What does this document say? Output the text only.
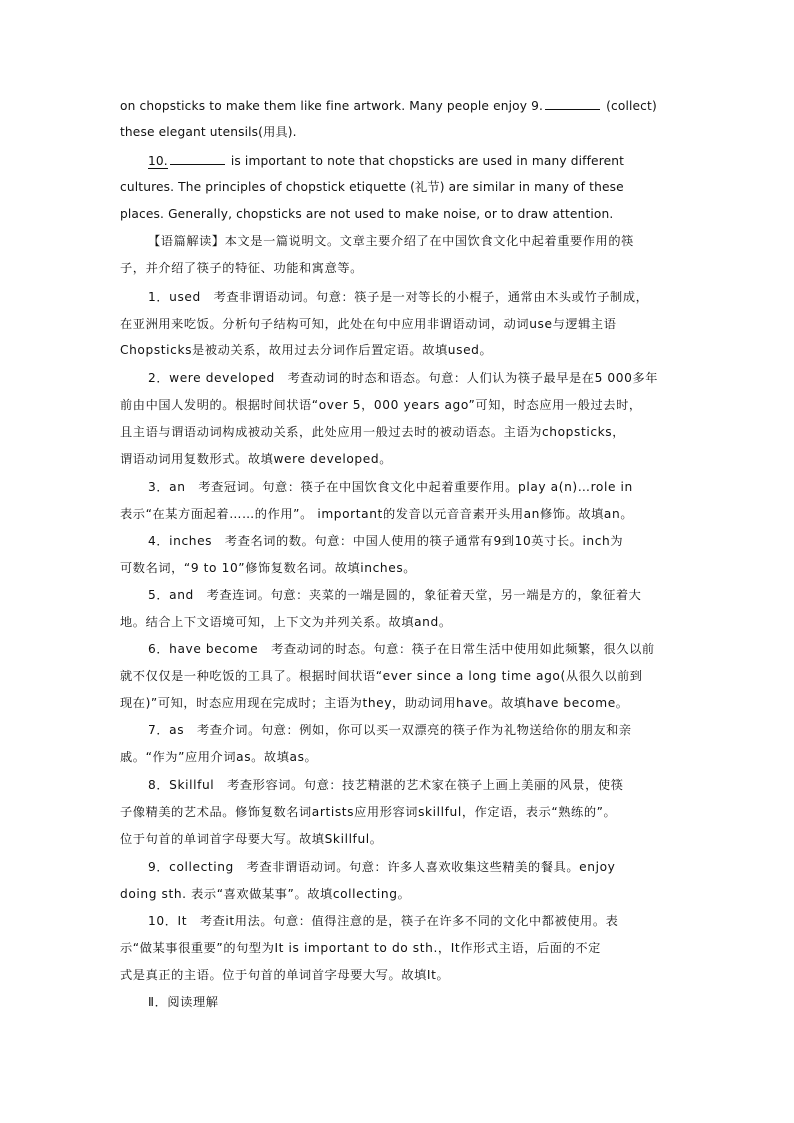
on chopsticks to make them like fine artwork. Many people enjoy 9.	(collect)
these elegant utensils(用具).
10.	is important to note that chopsticks are used in many different
cultures. The principles of chopstick etiquette (礼节) are similar in many of these
places. Generally, chopsticks are not used to make noise, or to draw attention.
【语篇解读】本文是一篇说明文。文章主要介绍了在中国饮食文化中起着重要作用的筷
子，并介绍了筷子的特征、功能和寓意等。
1．used　考查非谓语动词。句意：筷子是一对等长的小棍子，通常由木头或竹子制成，
在亚洲用来吃饭。分析句子结构可知，此处在句中应用非谓语动词，动词use与逻辑主语
Chopsticks是被动关系，故用过去分词作后置定语。故填used。
2．were developed　考查动词的时态和语态。句意：人们认为筷子最早是在5 000多年
前由中国人发明的。根据时间状语“over 5，000 years ago”可知，时态应用一般过去时，
且主语与谓语动词构成被动关系，此处应用一般过去时的被动语态。主语为chopsticks，
谓语动词用复数形式。故填were developed。
3．an　考查冠词。句意：筷子在中国饮食文化中起着重要作用。play a(n)…role in
表示“在某方面起着……的作用”。 important的发音以元音音素开头用an修饰。故填an。
4．inches　考查名词的数。句意：中国人使用的筷子通常有9到10英寸长。inch为
可数名词，“9 to 10”修饰复数名词。故填inches。
5．and　考查连词。句意：夹菜的一端是圆的，象征着天堂，另一端是方的，象征着大
地。结合上下文语境可知，上下文为并列关系。故填and。
6．have become　考查动词的时态。句意：筷子在日常生活中使用如此频繁，很久以前
就不仅仅是一种吃饭的工具了。根据时间状语“ever since a long time ago(从很久以前到
现在)”可知，时态应用现在完成时；主语为they，助动词用have。故填have become。
7．as　考查介词。句意：例如，你可以买一双漂亮的筷子作为礼物送给你的朋友和亲
戚。“作为”应用介词as。故填as。
8．Skillful　考查形容词。句意：技艺精湛的艺术家在筷子上画上美丽的风景，使筷
子像精美的艺术品。修饰复数名词artists应用形容词skillful，作定语，表示“熟练的”。
位于句首的单词首字母要大写。故填Skillful。
9．collecting　考查非谓语动词。句意：许多人喜欢收集这些精美的餐具。enjoy
doing sth. 表示“喜欢做某事”。故填collecting。
10．It　考查it用法。句意：值得注意的是，筷子在许多不同的文化中都被使用。表
示“做某事很重要”的句型为It is important to do sth.，It作形式主语，后面的不定
式是真正的主语。位于句首的单词首字母要大写。故填It。
Ⅱ．阅读理解
